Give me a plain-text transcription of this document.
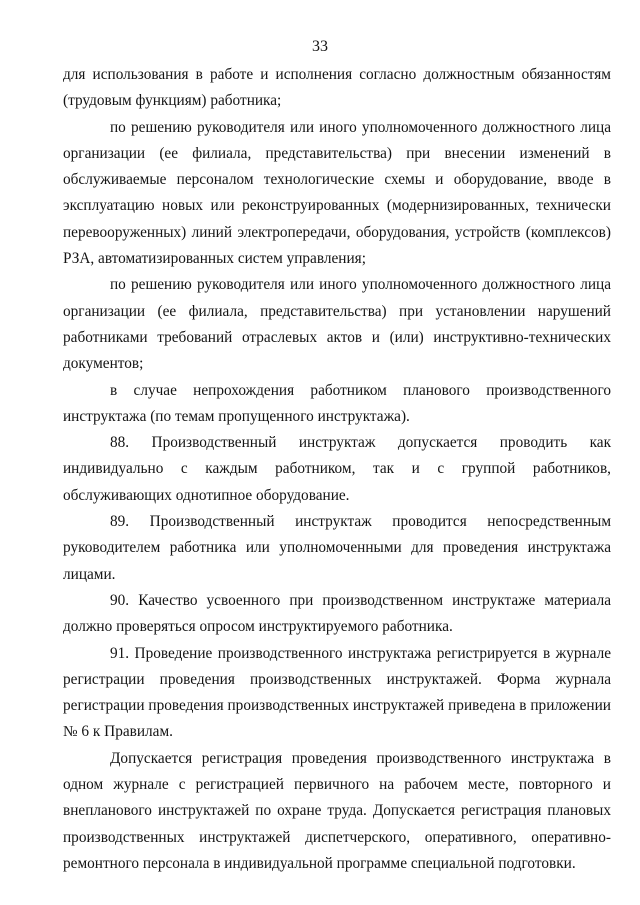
33

для использования в работе и исполнения согласно должностным обязанностям (трудовым функциям) работника;

по решению руководителя или иного уполномоченного должностного лица организации (ее филиала, представительства) при внесении изменений в обслуживаемые персоналом технологические схемы и оборудование, вводе в эксплуатацию новых или реконструированных (модернизированных, технически перевооруженных) линий электропередачи, оборудования, устройств (комплексов) РЗА, автоматизированных систем управления;

по решению руководителя или иного уполномоченного должностного лица организации (ее филиала, представительства) при установлении нарушений работниками требований отраслевых актов и (или) инструктивно-технических документов;

в случае непрохождения работником планового производственного инструктажа (по темам пропущенного инструктажа).

88. Производственный инструктаж допускается проводить как индивидуально с каждым работником, так и с группой работников, обслуживающих однотипное оборудование.

89. Производственный инструктаж проводится непосредственным руководителем работника или уполномоченными для проведения инструктажа лицами.

90. Качество усвоенного при производственном инструктаже материала должно проверяться опросом инструктируемого работника.

91. Проведение производственного инструктажа регистрируется в журнале регистрации проведения производственных инструктажей. Форма журнала регистрации проведения производственных инструктажей приведена в приложении № 6 к Правилам.

Допускается регистрация проведения производственного инструктажа в одном журнале с регистрацией первичного на рабочем месте, повторного и внепланового инструктажей по охране труда. Допускается регистрация плановых производственных инструктажей диспетчерского, оперативного, оперативно-ремонтного персонала в индивидуальной программе специальной подготовки.
